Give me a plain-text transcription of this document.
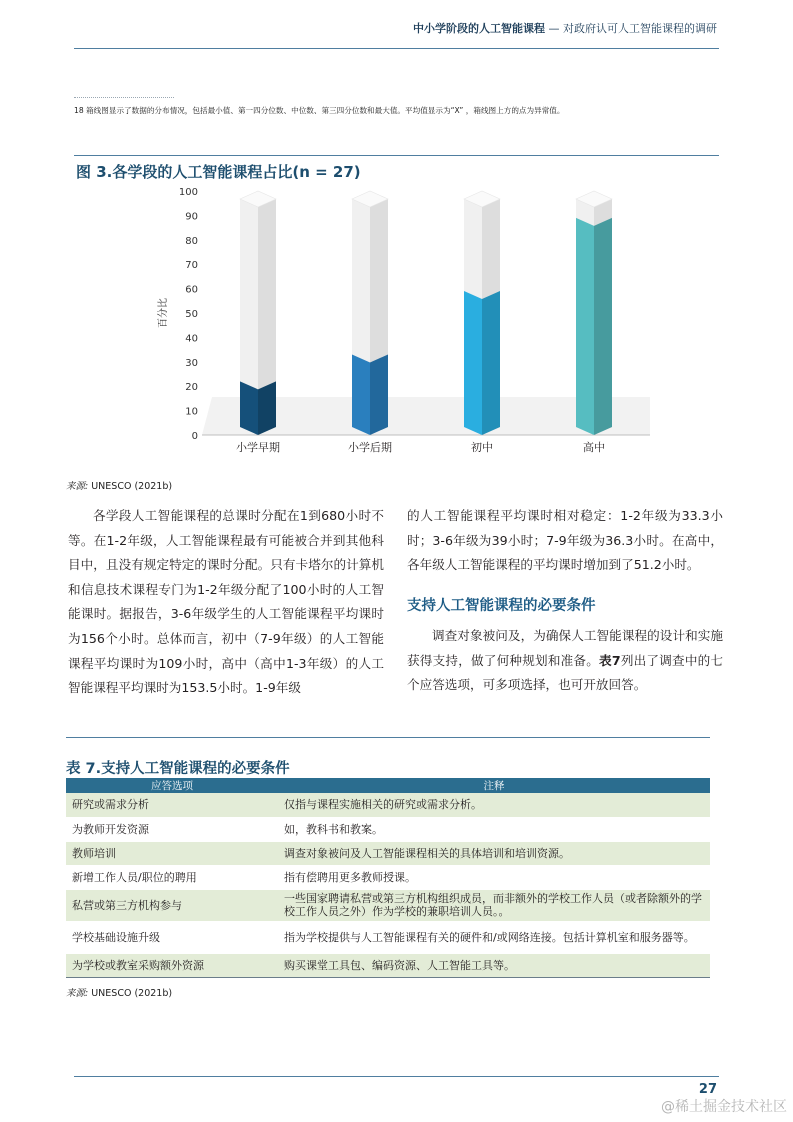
中小学阶段的人工智能课程 — 对政府认可人工智能课程的调研
18 箱线图显示了数据的分布情况，包括最小值、第一四分位数、中位数、第三四分位数和最大值。平均值显示为“X” ，箱线图上方的点为异常值。
图 3.各学段的人工智能课程占比(n = 27)
0
10
20
30
40
50
60
70
80
90
100
百分比
小学早期	小学后期	初中	高中
来源: UNESCO (2021b)

各学段人工智能课程的总课时分配在1到680小时不等。在1-2年级，人工智能课程最有可能被合并到其他科目中，且没有规定特定的课时分配。只有卡塔尔的计算机和信息技术课程专门为1-2年级分配了100小时的人工智能课时。据报告，3-6年级学生的人工智能课程平均课时为156个小时。总体而言，初中（7-9年级）的人工智能课程平均课时为109小时，高中（高中1-3年级）的人工智能课程平均课时为153.5小时。1-9年级

的人工智能课程平均课时相对稳定：1-2年级为33.3小时；3-6年级为39小时；7-9年级为36.3小时。在高中，各年级人工智能课程的平均课时增加到了51.2小时。

支持人工智能课程的必要条件

调查对象被问及，为确保人工智能课程的设计和实施获得支持，做了何种规划和准备。表7列出了调查中的七个应答选项，可多项选择，也可开放回答。

表 7.支持人工智能课程的必要条件
应答选项	注释
研究或需求分析	仅指与课程实施相关的研究或需求分析。
为教师开发资源	如，教科书和教案。
教师培训	调查对象被问及人工智能课程相关的具体培训和培训资源。
新增工作人员/职位的聘用	指有偿聘用更多教师授课。
私营或第三方机构参与	一些国家聘请私营或第三方机构组织成员，而非额外的学校工作人员（或者除额外的学校工作人员之外）作为学校的兼职培训人员。。
学校基础设施升级	指为学校提供与人工智能课程有关的硬件和/或网络连接。包括计算机室和服务器等。
为学校或教室采购额外资源	购买课堂工具包、编码资源、人工智能工具等。
来源: UNESCO (2021b)
27
@稀土掘金技术社区
